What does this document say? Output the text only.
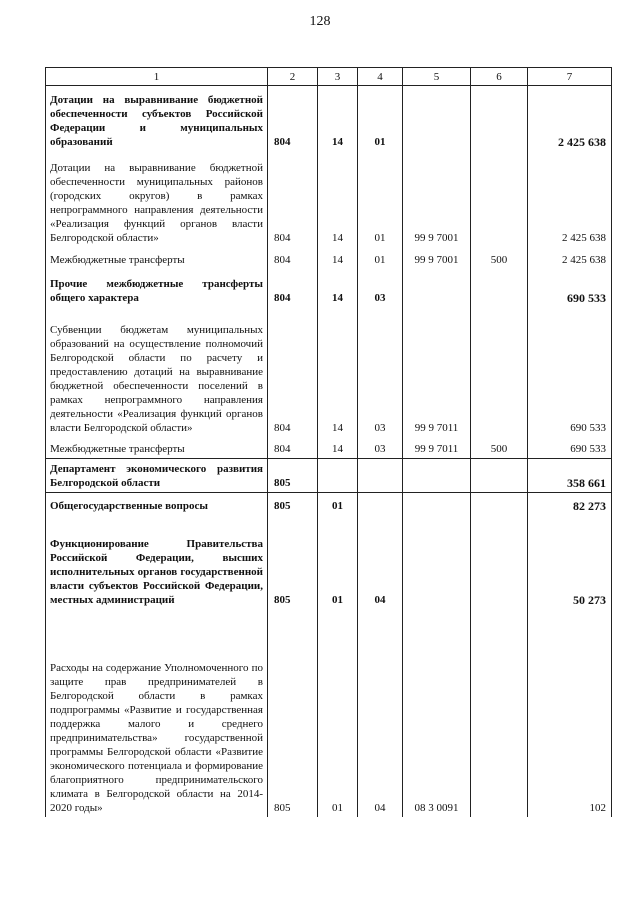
128
1	2	3	4	5	6	7
Дотации на выравнивание бюджетной обеспеченности субъектов Российской Федерации и муниципальных образований	804	14	01			2 425 638
Дотации на выравнивание бюджетной обеспеченности муниципальных районов (городских округов) в рамках непрограммного направления деятельности «Реализация функций органов власти Белгородской области»	804	14	01	99 9 7001		2 425 638
Межбюджетные трансферты	804	14	01	99 9 7001	500	2 425 638
Прочие межбюджетные трансферты общего характера	804	14	03			690 533
Субвенции бюджетам муниципальных образований на осуществление полномочий Белгородской области по расчету и предоставлению дотаций на выравнивание бюджетной обеспеченности поселений в рамках непрограммного направления деятельности «Реализация функций органов власти Белгородской области»	804	14	03	99 9 7011		690 533
Межбюджетные трансферты	804	14	03	99 9 7011	500	690 533
Департамент экономического развития Белгородской области	805					358 661
Общегосударственные вопросы	805	01				82 273
Функционирование Правительства Российской Федерации, высших исполнительных органов государственной власти субъектов Российской Федерации, местных администраций	805	01	04			50 273
Расходы на содержание Уполномоченного по защите прав предпринимателей в Белгородской области в рамках подпрограммы «Развитие и государственная поддержка малого и среднего предпринимательства» государственной программы Белгородской области «Развитие экономического потенциала и формирование благоприятного предпринимательского климата в Белгородской области на 2014-2020 годы»	805	01	04	08 3 0091		102
